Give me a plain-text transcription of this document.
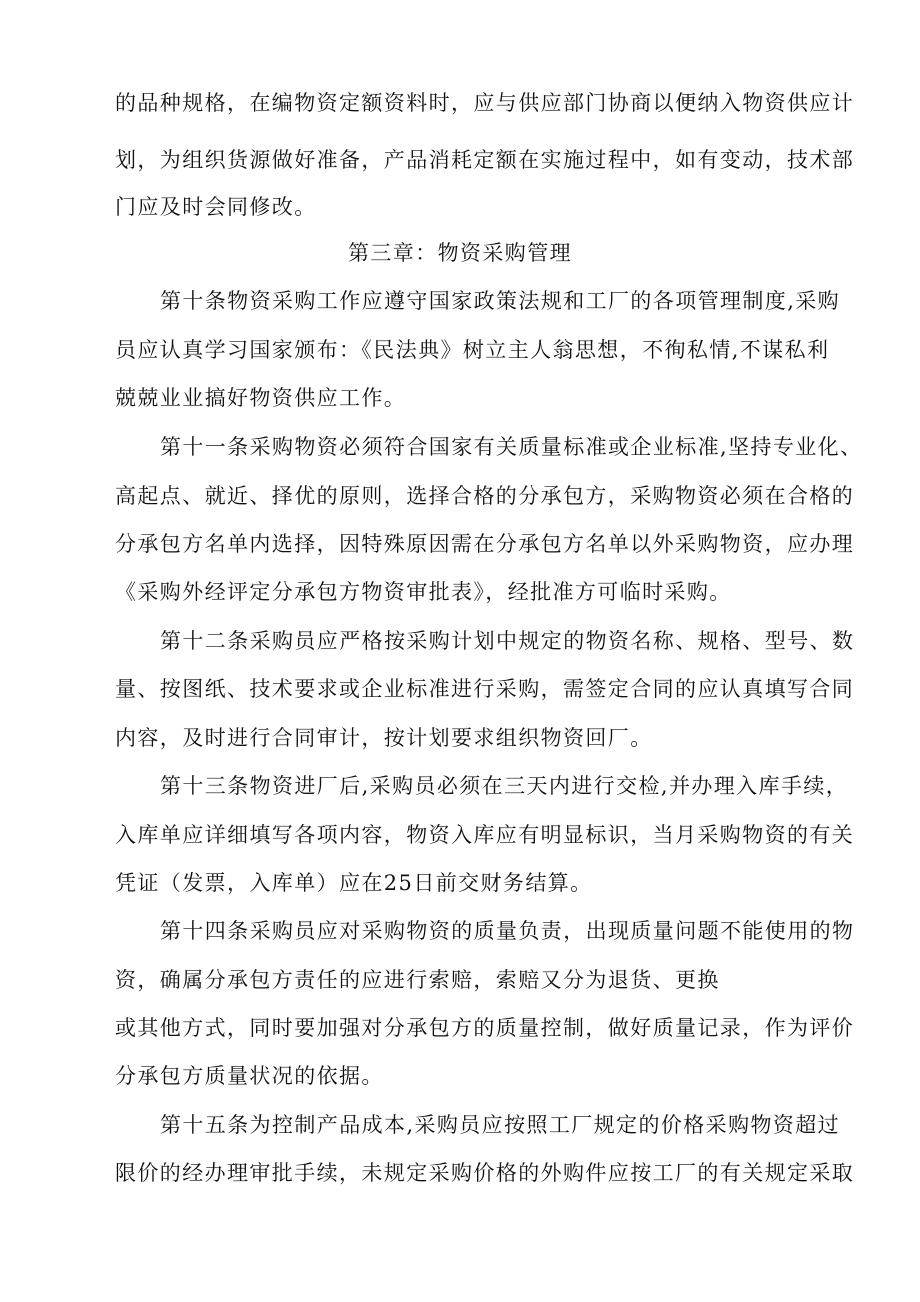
的品种规格，在编物资定额资料时，应与供应部门协商以便纳入物资供应计
划，为组织货源做好准备，产品消耗定额在实施过程中，如有变动，技术部
门应及时会同修改。
第三章：物资采购管理
第十条物资采购工作应遵守国家政策法规和工厂的各项管理制度,采购
员应认真学习国家颁布：《民法典》树立主人翁思想，不徇私情,不谋私利
兢兢业业搞好物资供应工作。
第十一条采购物资必须符合国家有关质量标准或企业标准,坚持专业化、
高起点、就近、择优的原则，选择合格的分承包方，采购物资必须在合格的
分承包方名单内选择，因特殊原因需在分承包方名单以外采购物资，应办理
《采购外经评定分承包方物资审批表》，经批准方可临时采购。
第十二条采购员应严格按采购计划中规定的物资名称、规格、型号、数
量、按图纸、技术要求或企业标准进行采购，需签定合同的应认真填写合同
内容，及时进行合同审计，按计划要求组织物资回厂。
第十三条物资进厂后,采购员必须在三天内进行交检,并办理入库手续，
入库单应详细填写各项内容，物资入库应有明显标识，当月采购物资的有关
凭证（发票，入库单）应在25日前交财务结算。
第十四条采购员应对采购物资的质量负责，出现质量问题不能使用的物
资，确属分承包方责任的应进行索赔，索赔又分为退货、更换
或其他方式，同时要加强对分承包方的质量控制，做好质量记录，作为评价
分承包方质量状况的依据。
第十五条为控制产品成本,采购员应按照工厂规定的价格采购物资超过
限价的经办理审批手续，未规定采购价格的外购件应按工厂的有关规定采取
